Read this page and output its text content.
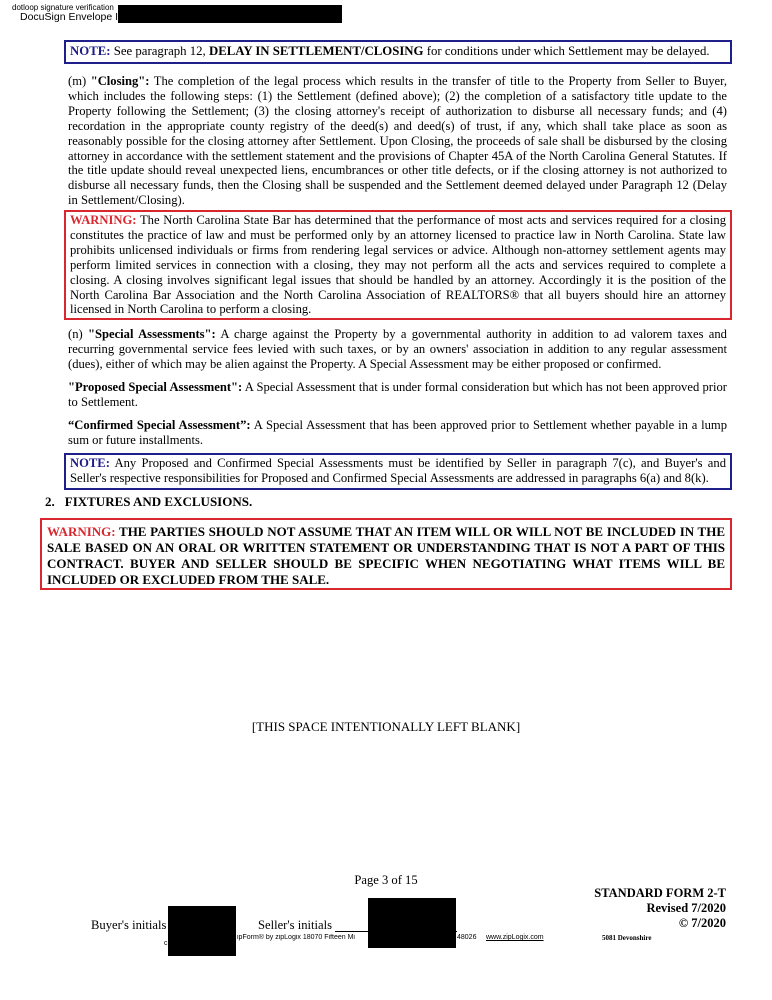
dotloop signature verification
DocuSign Envelope I
NOTE: See paragraph 12, DELAY IN SETTLEMENT/CLOSING for conditions under which Settlement may be delayed.
(m) "Closing": The completion of the legal process which results in the transfer of title to the Property from Seller to Buyer, which includes the following steps: (1) the Settlement (defined above); (2) the completion of a satisfactory title update to the Property following the Settlement; (3) the closing attorney's receipt of authorization to disburse all necessary funds; and (4) recordation in the appropriate county registry of the deed(s) and deed(s) of trust, if any, which shall take place as soon as reasonably possible for the closing attorney after Settlement. Upon Closing, the proceeds of sale shall be disbursed by the closing attorney in accordance with the settlement statement and the provisions of Chapter 45A of the North Carolina General Statutes. If the title update should reveal unexpected liens, encumbrances or other title defects, or if the closing attorney is not authorized to disburse all necessary funds, then the Closing shall be suspended and the Settlement deemed delayed under Paragraph 12 (Delay in Settlement/Closing).
WARNING: The North Carolina State Bar has determined that the performance of most acts and services required for a closing constitutes the practice of law and must be performed only by an attorney licensed to practice law in North Carolina. State law prohibits unlicensed individuals or firms from rendering legal services or advice. Although non-attorney settlement agents may perform limited services in connection with a closing, they may not perform all the acts and services required to complete a closing. A closing involves significant legal issues that should be handled by an attorney. Accordingly it is the position of the North Carolina Bar Association and the North Carolina Association of REALTORS® that all buyers should hire an attorney licensed in North Carolina to perform a closing.
(n) "Special Assessments": A charge against the Property by a governmental authority in addition to ad valorem taxes and recurring governmental service fees levied with such taxes, or by an owners' association in addition to any regular assessment (dues), either of which may be alien against the Property. A Special Assessment may be either proposed or confirmed.
"Proposed Special Assessment": A Special Assessment that is under formal consideration but which has not been approved prior to Settlement.
“Confirmed Special Assessment”: A Special Assessment that has been approved prior to Settlement whether payable in a lump sum or future installments.
NOTE: Any Proposed and Confirmed Special Assessments must be identified by Seller in paragraph 7(c), and Buyer's and Seller's respective responsibilities for Proposed and Confirmed Special Assessments are addressed in paragraphs 6(a) and 8(k).
2. FIXTURES AND EXCLUSIONS.
WARNING: THE PARTIES SHOULD NOT ASSUME THAT AN ITEM WILL OR WILL NOT BE INCLUDED IN THE SALE BASED ON AN ORAL OR WRITTEN STATEMENT OR UNDERSTANDING THAT IS NOT A PART OF THIS CONTRACT. BUYER AND SELLER SHOULD BE SPECIFIC WHEN NEGOTIATING WHAT ITEMS WILL BE INCLUDED OR EXCLUDED FROM THE SALE.
[THIS SPACE INTENTIONALLY LEFT BLANK]
Page 3 of 15
STANDARD FORM 2-T
Revised 7/2020
© 7/2020
Buyer's initials	Seller's initials
c
ipForm® by zipLogix 18070 Fifteen Mi	48026 www.zipLogix.com	5081 Devonshire
